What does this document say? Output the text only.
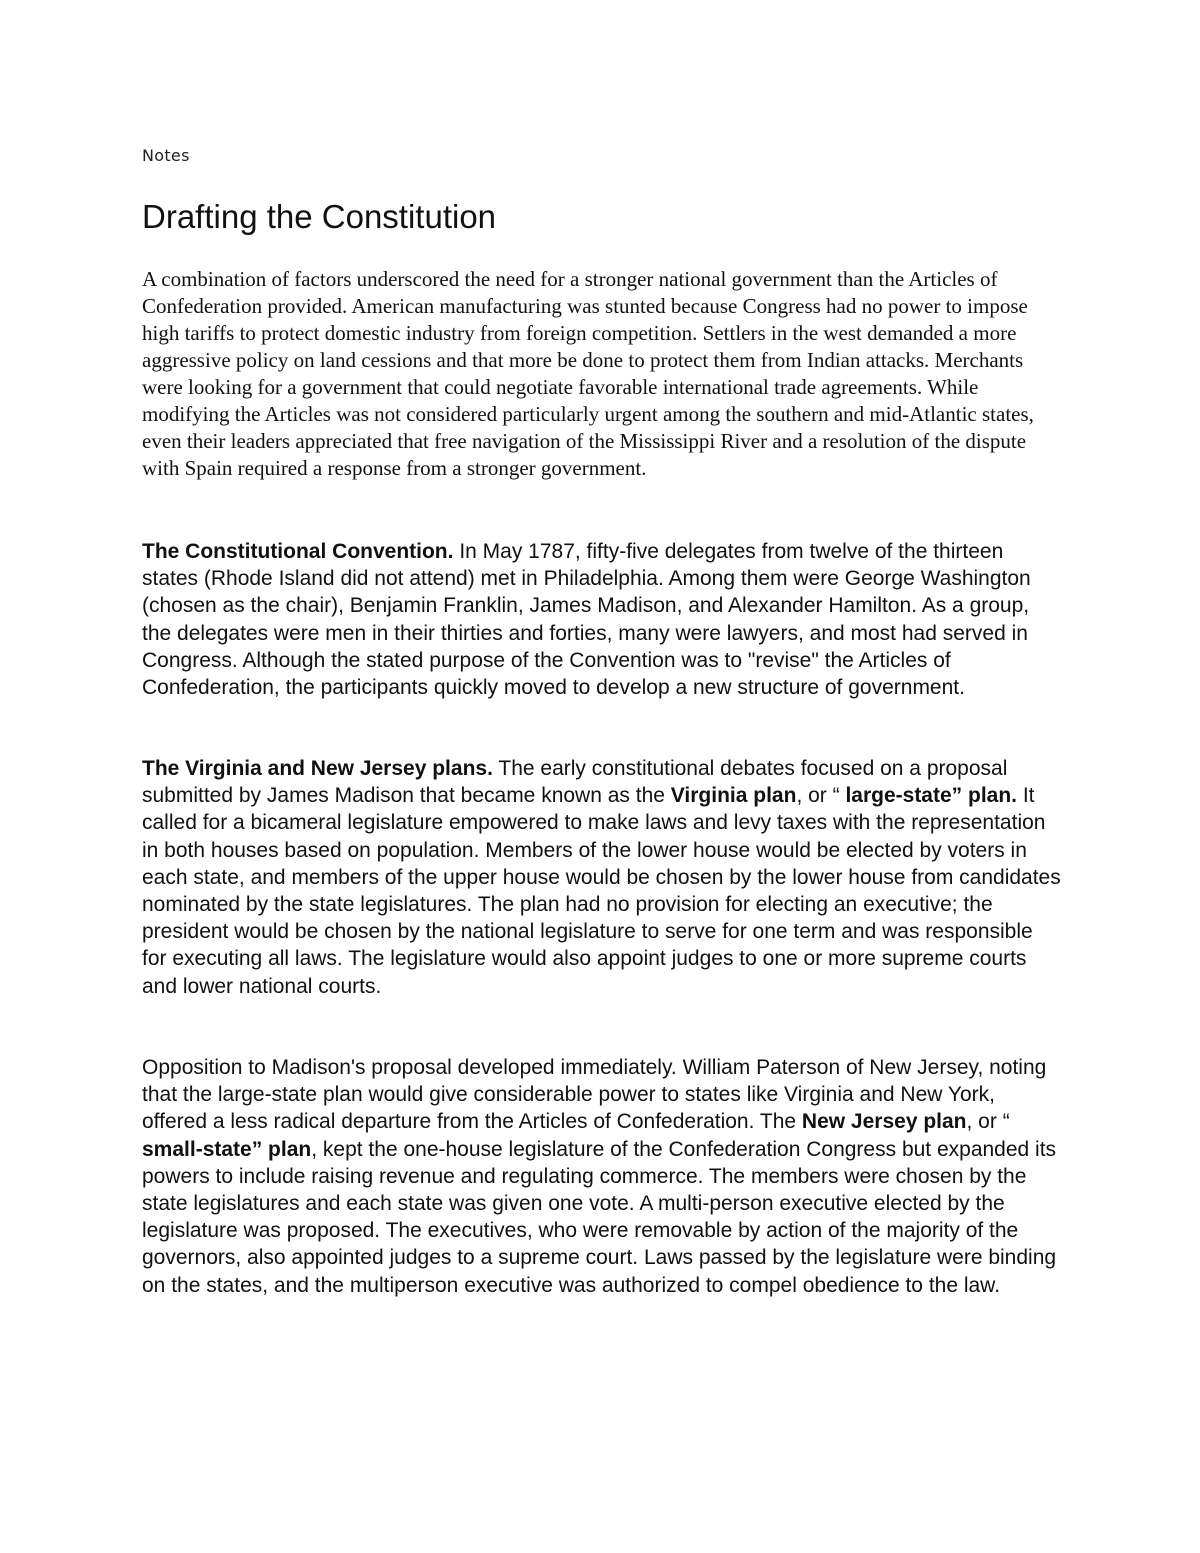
Notes
Drafting the Constitution

A combination of factors underscored the need for a stronger national government than the Articles of Confederation provided. American manufacturing was stunted because Congress had no power to impose high tariffs to protect domestic industry from foreign competition. Settlers in the west demanded a more aggressive policy on land cessions and that more be done to protect them from Indian attacks. Merchants were looking for a government that could negotiate favorable international trade agreements. While modifying the Articles was not considered particularly urgent among the southern and mid-Atlantic states, even their leaders appreciated that free navigation of the Mississippi River and a resolution of the dispute with Spain required a response from a stronger government.

The Constitutional Convention. In May 1787, fifty-five delegates from twelve of the thirteen states (Rhode Island did not attend) met in Philadelphia. Among them were George Washington (chosen as the chair), Benjamin Franklin, James Madison, and Alexander Hamilton. As a group, the delegates were men in their thirties and forties, many were lawyers, and most had served in Congress. Although the stated purpose of the Convention was to "revise" the Articles of Confederation, the participants quickly moved to develop a new structure of government.

The Virginia and New Jersey plans. The early constitutional debates focused on a proposal submitted by James Madison that became known as the Virginia plan, or “ large-state” plan. It called for a bicameral legislature empowered to make laws and levy taxes with the representation in both houses based on population. Members of the lower house would be elected by voters in each state, and members of the upper house would be chosen by the lower house from candidates nominated by the state legislatures. The plan had no provision for electing an executive; the president would be chosen by the national legislature to serve for one term and was responsible for executing all laws. The legislature would also appoint judges to one or more supreme courts and lower national courts.

Opposition to Madison's proposal developed immediately. William Paterson of New Jersey, noting that the large-state plan would give considerable power to states like Virginia and New York, offered a less radical departure from the Articles of Confederation. The New Jersey plan, or “ small-state” plan, kept the one-house legislature of the Confederation Congress but expanded its powers to include raising revenue and regulating commerce. The members were chosen by the state legislatures and each state was given one vote. A multi-person executive elected by the legislature was proposed. The executives, who were removable by action of the majority of the governors, also appointed judges to a supreme court. Laws passed by the legislature were binding on the states, and the multiperson executive was authorized to compel obedience to the law.
